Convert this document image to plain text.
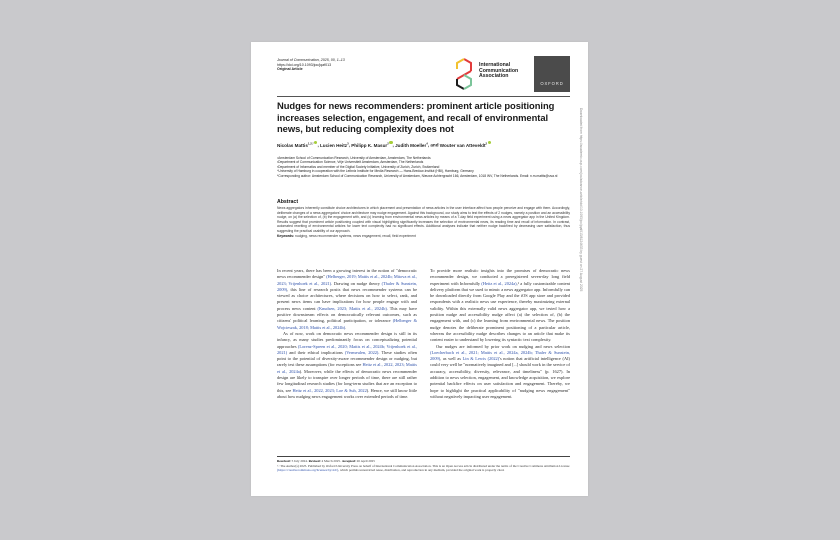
Journal of Communication, 2025, 00, 1–13
https://doi.org/10.1093/joc/jqaf013
Original Article
International
Communication
Association
OXFORD
Nudges for news recommenders: prominent article positioning increases selection, engagement, and recall of environmental news, but reducing complexity does not
Nicolas Mattis$^{1,2,*}$ , Lucien Heitz$^3$, Philipp K. Masur$^2$ , Judith Moeller$^4$, and Wouter van Atteveldt$^2$
¹Amsterdam School of Communication Research, University of Amsterdam, Amsterdam, The Netherlands
²Department of Communication Science, Vrije Universiteit Amsterdam, Amsterdam, The Netherlands
³Department of Informatics and member of the Digital Society Initiative, University of Zurich, Zurich, Switzerland
⁴University of Hamburg in cooperation with the Leibniz Institute for Media Research — Hans-Bredow-Institut (HBI), Hamburg, Germany
*Corresponding author: Amsterdam School of Communication Research, University of Amsterdam, Nieuwe Achtergracht 166, Amsterdam, 1018 WV, The Netherlands. Email: n.m.mattis@uva.nl
Abstract

News aggregators inherently constitute choice architectures in which placement and presentation of news articles in the user interface affect how people perceive and engage with them. Accordingly, deliberate changes of a news aggregators' choice architecture may nudge engagement. Against this background, our study aims to test the effects of 2 nudges, namely a position and an accessibility nudge, on (a) the selection of, (b) the engagement with, and (c) learning from environmental news articles by means of a 7-day field experiment using a news aggregator app in the United Kingdom. Results suggest that prominent article positioning coupled with visual highlighting significantly increases the selection of environmental news, its reading time and recall of information. In contrast, automated rewriting of environmental articles for lower text complexity had no significant effects. Additional analyses indicate that neither nudge backfired by decreasing user satisfaction, thus suggesting the practical usability of our approach.

Keywords: nudging, news recommender systems, news engagement, recall, field experiment

In recent years, there has been a growing interest in the notion of "democratic news recommender design" (Helberger, 2019; Mattis et al., 2024b; Mitova et al., 2023; Vrijenhoek et al., 2021). Drawing on nudge theory (Thaler & Sunstein, 2009), this line of research posits that news recommender systems can be viewed as choice architectures, where decisions on how to select, rank, and present news items can have implications for how people engage with and process news content (Knudsen, 2023; Mattis et al., 2024b). This may have positive downstream effects on democratically relevant outcomes, such as citizens' political learning, political participation, or tolerance (Helberger & Wojcieszak, 2018; Mattis et al., 2024b).

As of now, work on democratic news recommender design is still in its infancy, as many studies predominantly focus on conceptualizing potential approaches (Lorenz-Spreen et al., 2020; Mattis et al., 2024b; Vrijenhoek et al., 2021) and their ethical implications (Vermeulen, 2022). These studies often point to the potential of diversity-aware recommender design or nudging, but rarely test these assumptions (for exceptions see Heitz et al., 2022, 2023; Mattis et al., 2024a). Moreover, while the effects of democratic news recommender design are likely to transpire over longer periods of time, there are still rather few longitudinal research studies (for long-term studies that are an exception to this, see Heitz et al., 2022, 2023; Loe & Suh, 2022). Hence, we still know little about how nudging news engagement works over extended periods of time.

To provide more realistic insights into the promises of democratic news recommender design, we conducted a preregistered seven-day long field experiment with Informfully (Heitz et al., 2024a),¹ a fully customizable content delivery platform that we used to mimic a news aggregator app. Informfully can be downloaded directly from Google Play and the iOS app store and provided respondents with a realistic news use experience, thereby maximizing external validity. Within this externally valid news aggregator app, we tested how a position nudge and accessibility nudge affect (a) the selection of, (b) the engagement with, and (c) the learning from environmental news. The position nudge denotes the deliberate prominent positioning of a particular article, whereas the accessibility nudge describes changes to an article that make its content easier to understand by lowering its syntactic text complexity.

Our nudges are informed by prior work on nudging and news selection (Loecherbach et al., 2021; Mattis et al., 2024a, 2024b; Thaler & Sunstein, 2009), as well as Lin & Lewis (2022)'s notion that artificial intelligence (AI) could very well be "normatively imagined and [...] should work in the service of accuracy, accessibility, diversity, relevance, and timeliness" (p. 1627). In addition to news selection, engagement, and knowledge acquisition, we explore potential backfire effects on user satisfaction and engagement. Thereby, we hope to highlight the practical applicability of "nudging news engagement" without negatively impacting user engagement.

Received: 5 July 2024. Revised: 4 March 2025. Accepted: 26 April 2025
© The Author(s) 2025. Published by Oxford University Press on behalf of International Communication Association. This is an Open Access article distributed under the terms of the Creative Commons Attribution License (https://creativecommons.org/licenses/by/4.0/), which permits unrestricted reuse, distribution, and reproduction in any medium, provided the original work is properly cited.
Downloaded from https://academic.oup.com/joc/advance-article/doi/10.1093/joc/jqaf013/8124633 by guest on 27 August 2025
